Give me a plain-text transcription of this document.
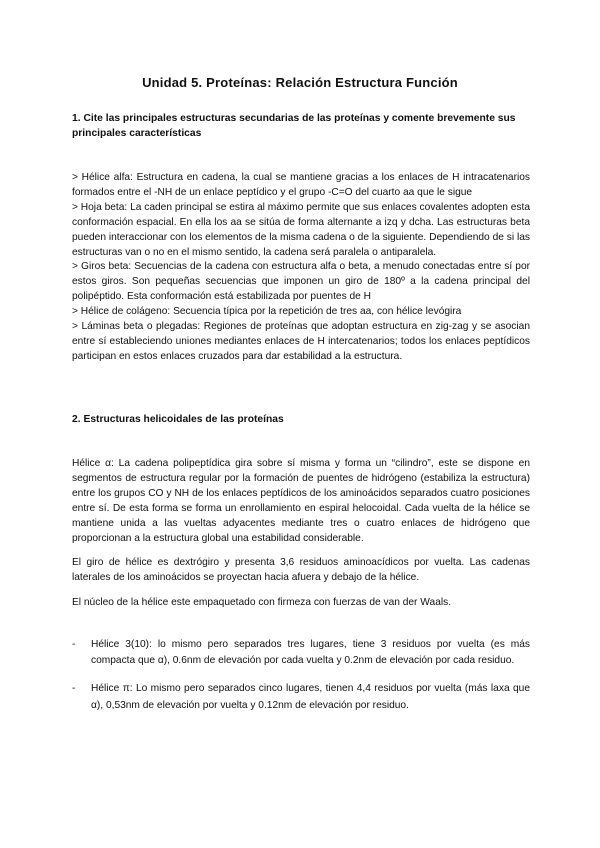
Unidad 5. Proteínas: Relación Estructura Función
1. Cite las principales estructuras secundarias de las proteínas y comente brevemente sus principales características

> Hélice alfa: Estructura en cadena, la cual se mantiene gracias a los enlaces de H intracatenarios formados entre el -NH de un enlace peptídico y el grupo -C=O del cuarto aa que le sigue

> Hoja beta: La caden principal se estira al máximo permite que sus enlaces covalentes adopten esta conformación espacial. En ella los aa se sitúa de forma alternante a izq y dcha. Las estructuras beta pueden interaccionar con los elementos de la misma cadena o de la siguiente. Dependiendo de si las estructuras van o no en el mismo sentido, la cadena será paralela o antiparalela.

> Giros beta: Secuencias de la cadena con estructura alfa o beta, a menudo conectadas entre sí por estos giros. Son pequeñas secuencias que imponen un giro de 180º a la cadena principal del polipéptido. Esta conformación está estabilizada por puentes de H

> Hélice de colágeno: Secuencia típica por la repetición de tres aa, con hélice levógira

> Láminas beta o plegadas: Regiones de proteínas que adoptan estructura en zig-zag y se asocian entre sí estableciendo uniones mediantes enlaces de H intercatenarios; todos los enlaces peptídicos participan en estos enlaces cruzados para dar estabilidad a la estructura.

2. Estructuras helicoidales de las proteínas

Hélice α: La cadena polipeptídica gira sobre sí misma y forma un “cilindro”, este se dispone en segmentos de estructura regular por la formación de puentes de hidrógeno (estabiliza la estructura) entre los grupos CO y NH de los enlaces peptídicos de los aminoácidos separados cuatro posiciones entre sí. De esta forma se forma un enrollamiento en espiral helocoidal. Cada vuelta de la hélice se mantiene unida a las vueltas adyacentes mediante tres o cuatro enlaces de hidrógeno que proporcionan a la estructura global una estabilidad considerable.

El giro de hélice es dextrógiro y presenta 3,6 residuos aminoacídicos por vuelta. Las cadenas laterales de los aminoácidos se proyectan hacia afuera y debajo de la hélice.

El núcleo de la hélice este empaquetado con firmeza con fuerzas de van der Waals.

-	Hélice 3(10): lo mismo pero separados tres lugares, tiene 3 residuos por vuelta (es más compacta que α), 0.6nm de elevación por cada vuelta y 0.2nm de elevación por cada residuo.
-	Hélice π: Lo mismo pero separados cinco lugares, tienen 4,4 residuos por vuelta (más laxa que α), 0,53nm de elevación por vuelta y 0.12nm de elevación por residuo.
